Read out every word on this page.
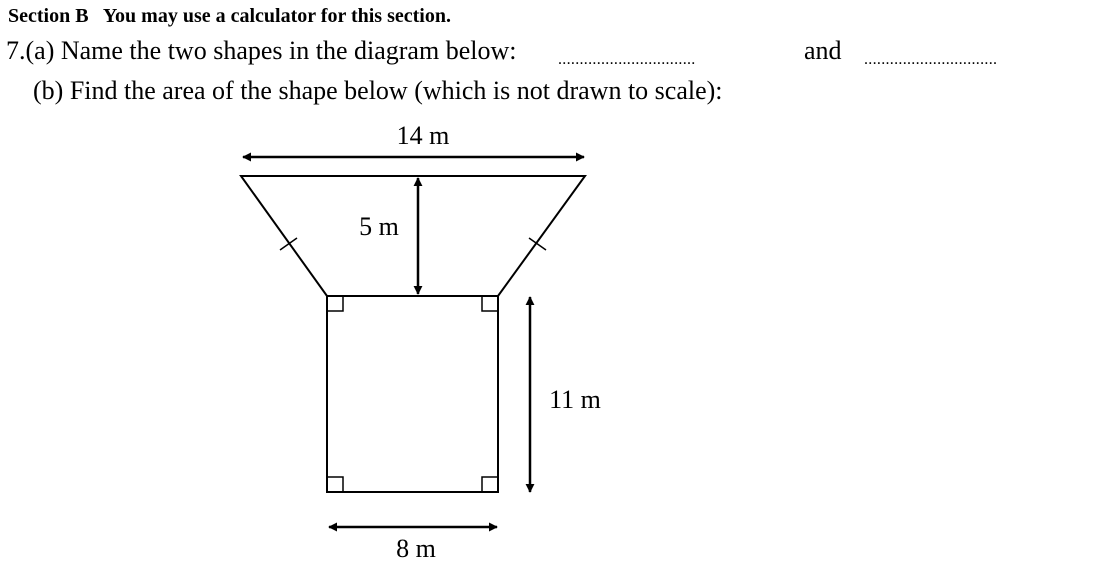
Section B You may use a calculator for this section.
7.(a) Name the two shapes in the diagram below:	................................	and ...............................
(b) Find the area of the shape below (which is not drawn to scale):
14 m
5 m
11 m
8 m
